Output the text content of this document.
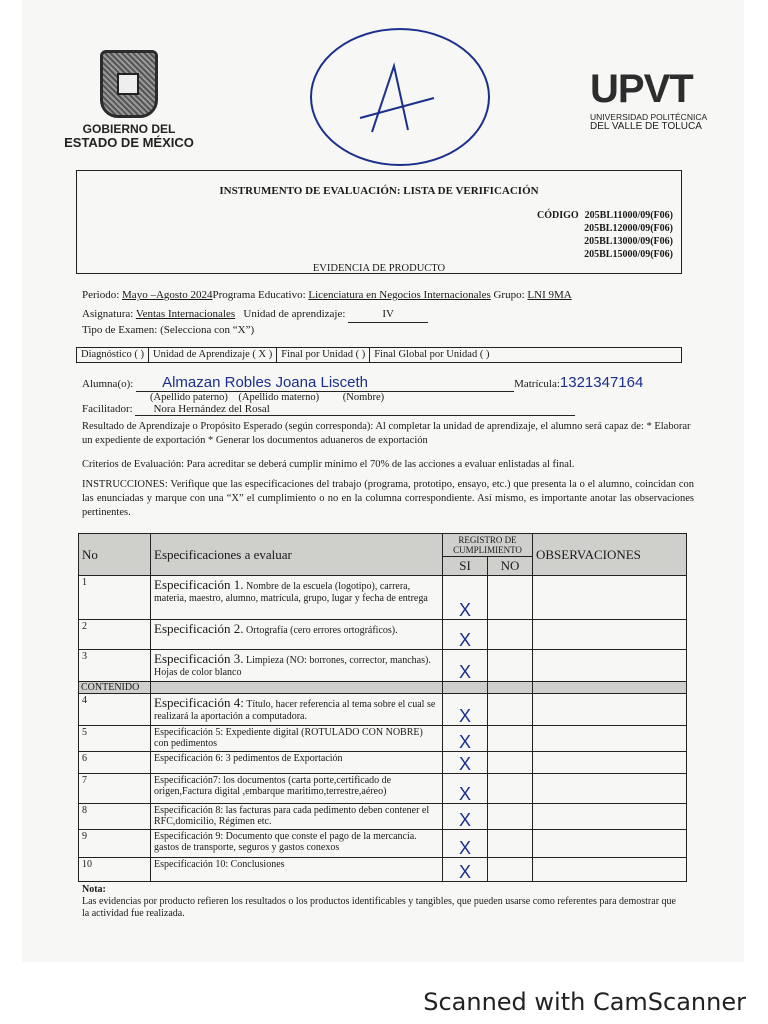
GOBIERNO DEL
ESTADO DE MÉXICO
UPVT
UNIVERSIDAD POLITÉCNICA
DEL VALLE DE TOLUCA
INSTRUMENTO DE EVALUACIÓN: LISTA DE VERIFICACIÓN
CÓDIGO 205BL11000/09(F06)
205BL12000/09(F06)
205BL13000/09(F06)
205BL15000/09(F06)
EVIDENCIA DE PRODUCTO
Periodo: Mayo –Agosto 2024Programa Educativo: Licenciatura en Negocios Internacionales Grupo: LNI 9MA
Asignatura: Ventas Internacionales Unidad de aprendizaje:	IV
Tipo de Examen: (Selecciona con “X”)
Diagnóstico ( ) Unidad de Aprendizaje ( X ) Final por Unidad ( ) Final Global por Unidad ( )
Alumna(o): Almazan Robles Joana Lisceth	Matrícula:1321347164
(Apellido paterno) (Apellido materno) (Nombre)
Facilitador: Nora Hernández del Rosal
Resultado de Aprendizaje o Propósito Esperado (según corresponda): Al completar la unidad de aprendizaje, el alumno será capaz de: * Elaborar un expediente de exportación * Generar los documentos aduaneros de exportación
Criterios de Evaluación: Para acreditar se deberá cumplir mínimo el 70% de las acciones a evaluar enlistadas al final.
INSTRUCCIONES: Verifique que las especificaciones del trabajo (programa, prototipo, ensayo, etc.) que presenta la o el alumno, coincidan con las enunciadas y marque con una “X” el cumplimiento o no en la columna correspondiente. Así mismo, es importante anotar las observaciones pertinentes.
No	Especificaciones a evaluar	REGISTRO DE CUMPLIMIENTO		OBSERVACIONES
		SI	NO	
1	Especificación 1. Nombre de la escuela (logotipo), carrera, materia, maestro, alumno, matrícula, grupo, lugar y fecha de entrega	X		
2	Especificación 2. Ortografía (cero errores ortográficos).	X		
3	Especificación 3. Limpieza (NO: borrones, corrector, manchas). Hojas de color blanco	X		
CONTENIDO				
4	Especificación 4: Título, hacer referencia al tema sobre el cual se realizará la aportación a computadora.	X		
5	Especificación 5: Expediente digital (ROTULADO CON NOBRE) con pedimentos	X		
6	Especificación 6: 3 pedimentos de Exportación	X		
7	Especificación7: los documentos (carta porte,certificado de origen,Factura digital ,embarque maritimo,terrestre,aéreo)	X		
8	Especificación 8: las facturas para cada pedimento deben contener el RFC,domicilio, Régimen etc.	X		
9	Especificación 9: Documento que conste el pago de la mercancía. gastos de transporte, seguros y gastos conexos	X		
10	Especificación 10: Conclusiones	X		
Nota:
Las evidencias por producto refieren los resultados o los productos identificables y tangibles, que pueden usarse como referentes para demostrar que la actividad fue realizada.
Scanned with CamScanner
